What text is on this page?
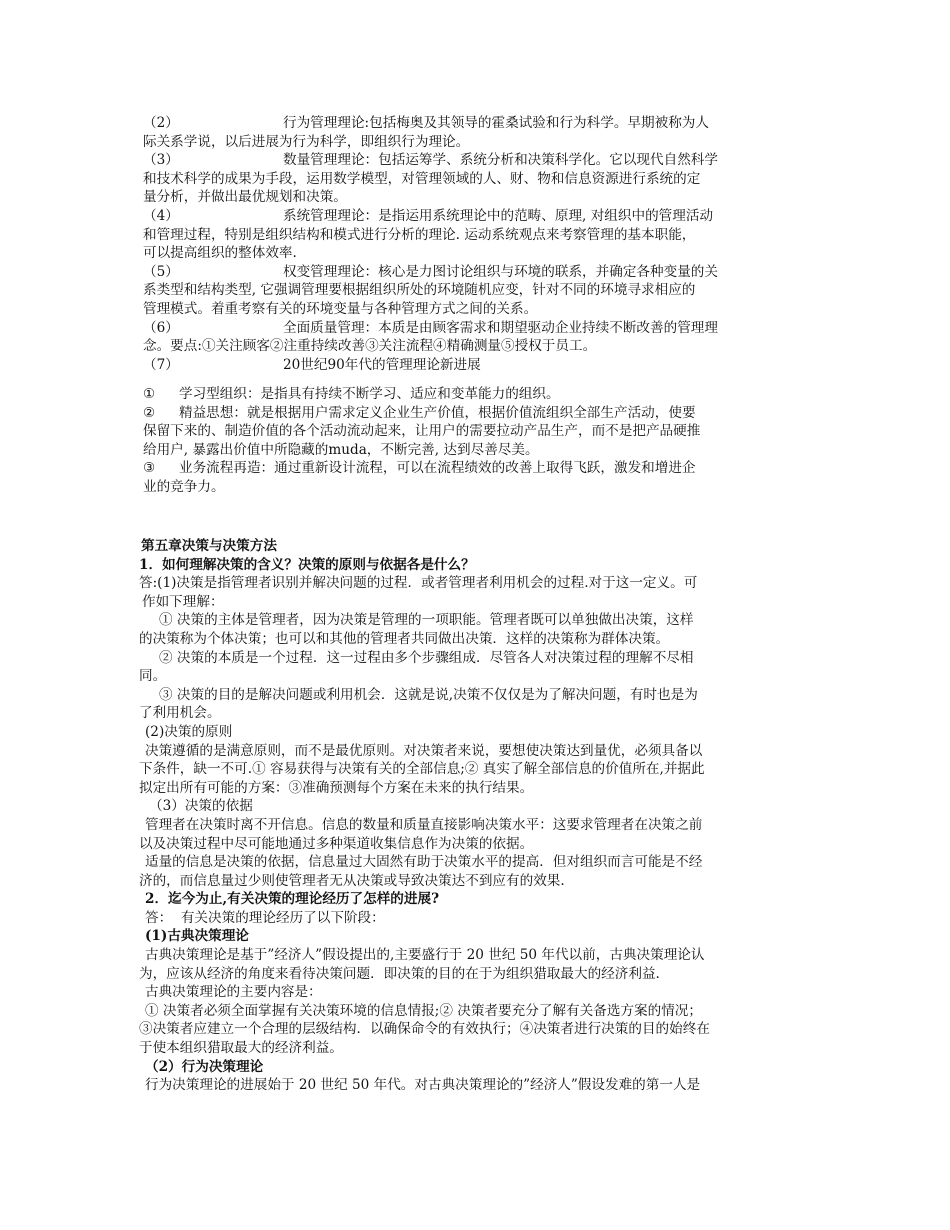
（2）	行为管理理论:包括梅奥及其领导的霍桑试验和行为科学。早期被称为人
际关系学说，以后进展为行为科学，即组织行为理论。
（3）	数量管理理论：包括运筹学、系统分析和决策科学化。它以现代自然科学
和技术科学的成果为手段，运用数学模型，对管理领域的人、财、物和信息资源进行系统的定
量分析，并做出最优规划和决策。
（4）	系统管理理论：是指运用系统理论中的范畴、原理, 对组织中的管理活动
和管理过程，特别是组织结构和模式进行分析的理论. 运动系统观点来考察管理的基本职能，
可以提高组织的整体效率.
（5）	权变管理理论：核心是力图讨论组织与环境的联系，并确定各种变量的关
系类型和结构类型, 它强调管理要根据组织所处的环境随机应变，针对不同的环境寻求相应的
管理模式。着重考察有关的环境变量与各种管理方式之间的关系。
（6）	全面质量管理：本质是由顾客需求和期望驱动企业持续不断改善的管理理
念。要点:①关注顾客②注重持续改善③关注流程④精确测量⑤授权于员工。
（7）	20世纪90年代的管理理论新进展
① 学习型组织：是指具有持续不断学习、适应和变革能力的组织。
② 精益思想：就是根据用户需求定义企业生产价值，根据价值流组织全部生产活动，使要
保留下来的、制造价值的各个活动流动起来，让用户的需要拉动产品生产，而不是把产品硬推
给用户, 暴露出价值中所隐藏的muda，不断完善, 达到尽善尽美。
③ 业务流程再造：通过重新设计流程，可以在流程绩效的改善上取得飞跃，激发和增进企
业的竞争力。
第五章决策与决策方法
1．如何理解决策的含义？决策的原则与依据各是什么？
答:(1)决策是指管理者识别并解决问题的过程．或者管理者利用机会的过程.对于这一定义。可
作如下理解：
① 决策的主体是管理者，因为决策是管理的一项职能。管理者既可以单独做出决策，这样
的决策称为个体决策；也可以和其他的管理者共同做出决策．这样的决策称为群体决策。
② 决策的本质是一个过程．这一过程由多个步骤组成．尽管各人对决策过程的理解不尽相
同。
③ 决策的目的是解决问题或利用机会．这就是说,决策不仅仅是为了解决问题，有时也是为
了利用机会。
(2)决策的原则
决策遵循的是满意原则，而不是最优原则。对决策者来说，要想使决策达到量优，必须具备以
下条件，缺一不可.① 容易获得与决策有关的全部信息;② 真实了解全部信息的价值所在,并据此
拟定出所有可能的方案：③准确预测每个方案在未来的执行结果。
（3）决策的依据
管理者在决策时离不开信息。信息的数量和质量直接影响决策水平：这要求管理者在决策之前
以及决策过程中尽可能地通过多种渠道收集信息作为决策的依据。
适量的信息是决策的依据，信息量过大固然有助于决策水平的提高．但对组织而言可能是不经
济的，而信息量过少则使管理者无从决策或导致决策达不到应有的效果.
2．迄今为止,有关决策的理论经历了怎样的进展?
答：  有关决策的理论经历了以下阶段：
(1)古典决策理论
古典决策理论是基于”经济人”假设提出的,主要盛行于 20 世纪 50 年代以前，古典决策理论认
为，应该从经济的角度来看待决策问题．即决策的目的在于为组织猎取最大的经济利益.
古典决策理论的主要内容是：
① 决策者必须全面掌握有关决策环境的信息情报;② 决策者要充分了解有关备选方案的情况；
③决策者应建立一个合理的层级结构．以确保命令的有效执行；④决策者进行决策的目的始终在
于使本组织猎取最大的经济利益。
（2）行为决策理论
行为决策理论的进展始于 20 世纪 50 年代。对古典决策理论的”经济人”假设发难的第一人是
